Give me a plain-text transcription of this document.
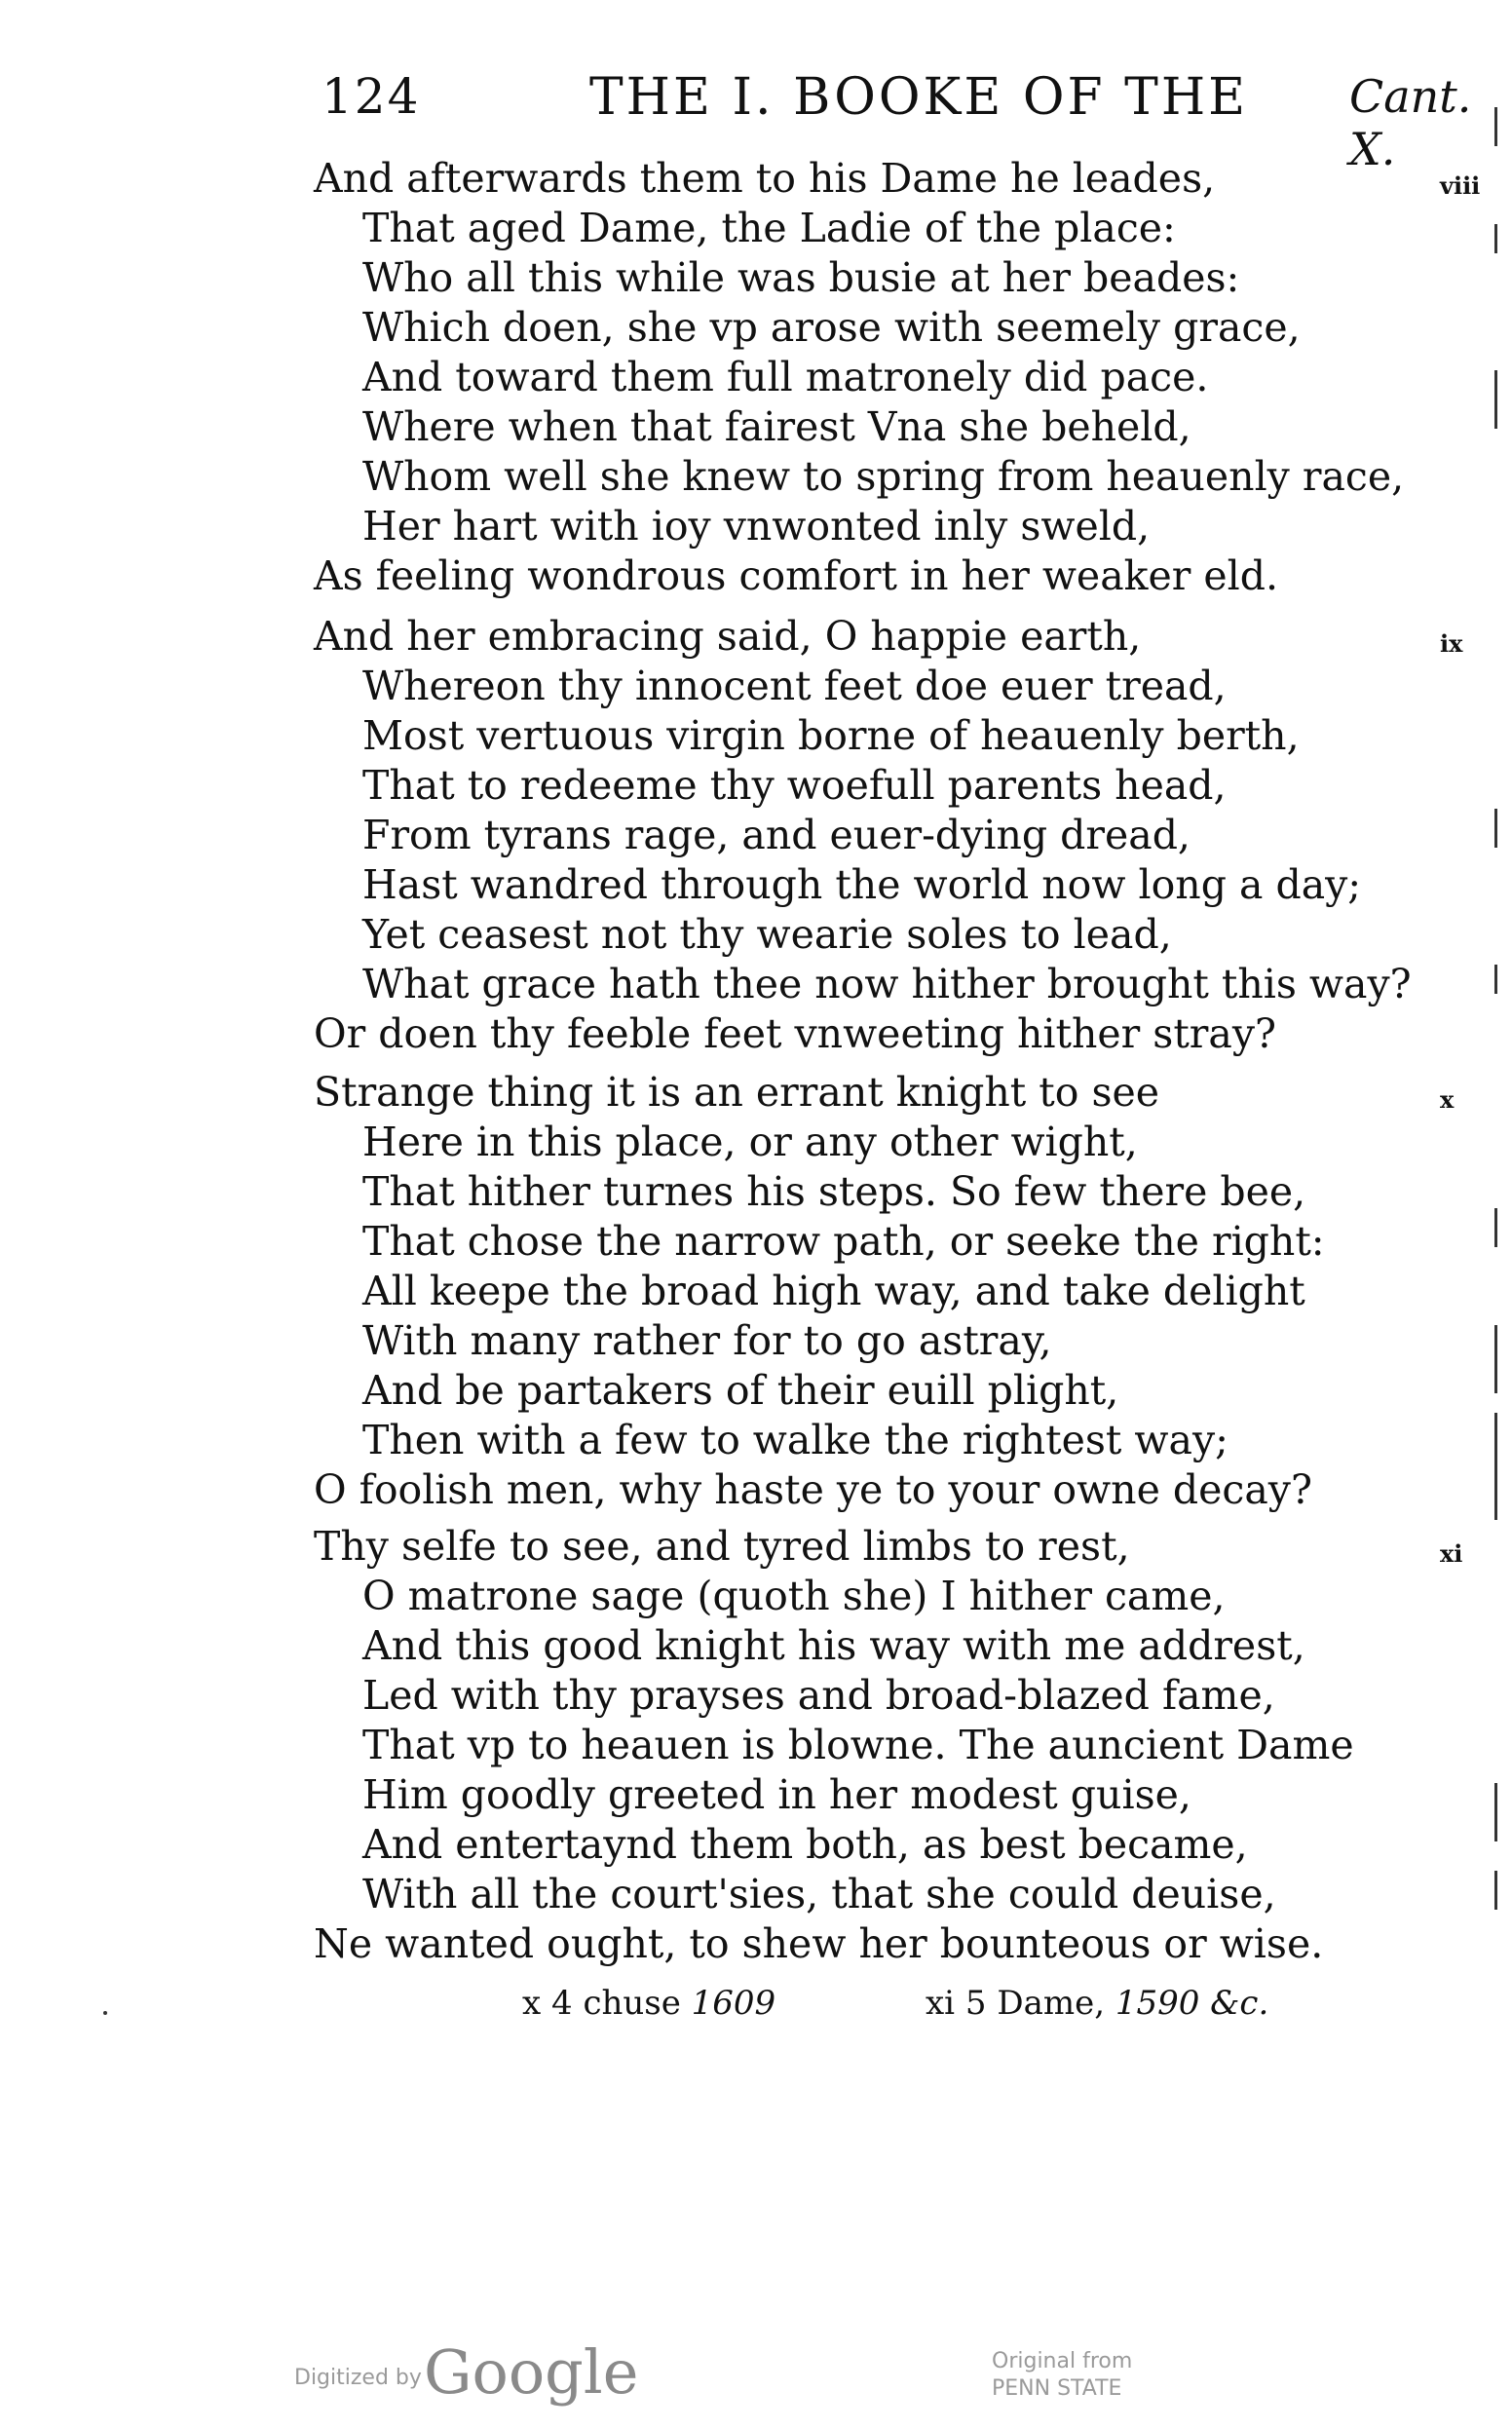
124	THE I. BOOKE OF THE Cant. X.
viii
And afterwards them to his Dame he leades,
That aged Dame, the Ladie of the place:
Who all this while was busie at her beades:
Which doen, she vp arose with seemely grace,
And toward them full matronely did pace.
Where when that fairest Vna she beheld,
Whom well she knew to spring from heauenly race,
Her hart with ioy vnwonted inly sweld,
As feeling wondrous comfort in her weaker eld.
ix
And her embracing said, O happie earth,
Whereon thy innocent feet doe euer tread,
Most vertuous virgin borne of heauenly berth,
That to redeeme thy woefull parents head,
From tyrans rage, and euer-dying dread,
Hast wandred through the world now long a day;
Yet ceasest not thy wearie soles to lead,
What grace hath thee now hither brought this way?
Or doen thy feeble feet vnweeting hither stray?
x
Strange thing it is an errant knight to see
Here in this place, or any other wight,
That hither turnes his steps. So few there bee,
That chose the narrow path, or seeke the right:
All keepe the broad high way, and take delight
With many rather for to go astray,
And be partakers of their euill plight,
Then with a few to walke the rightest way;
O foolish men, why haste ye to your owne decay?
xi
Thy selfe to see, and tyred limbs to rest,
O matrone sage (quoth she) I hither came,
And this good knight his way with me addrest,
Led with thy prayses and broad-blazed fame,
That vp to heauen is blowne. The auncient Dame
Him goodly greeted in her modest guise,
And entertaynd them both, as best became,
With all the court'sies, that she could deuise,
Ne wanted ought, to shew her bounteous or wise.
x 4 chuse 1609	xi 5 Dame, 1590 &c.
Digitized by Google	Original from
PENN STATE
